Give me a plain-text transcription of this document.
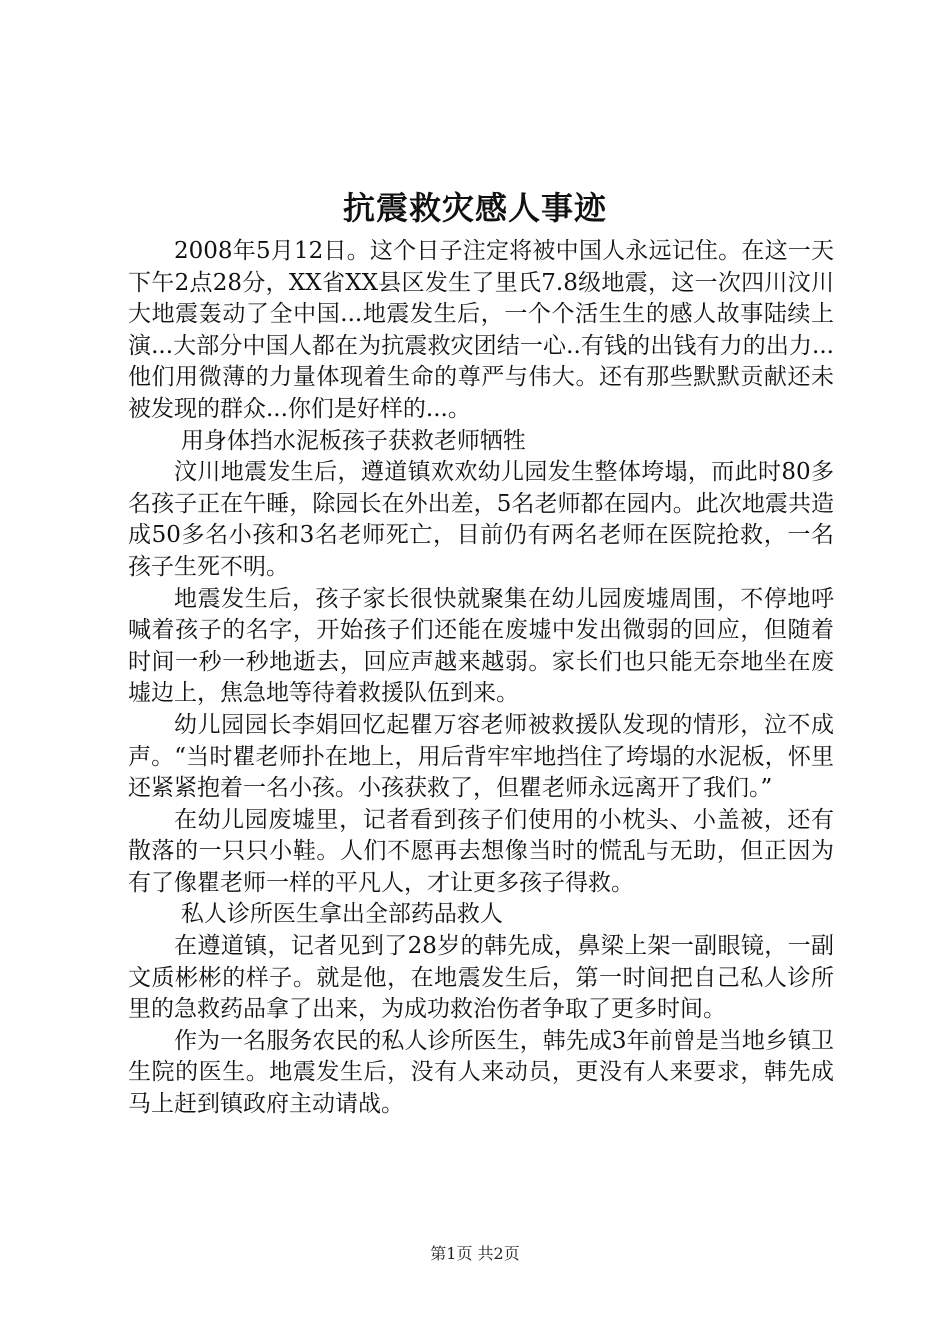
抗震救灾感人事迹

2008年5月12日。这个日子注定将被中国人永远记住。在这一天下午2点28分，XX省XX县区发生了里氏7.8级地震，这一次四川汶川大地震轰动了全中国...地震发生后，一个个活生生的感人故事陆续上演...大部分中国人都在为抗震救灾团结一心..有钱的出钱有力的出力...他们用微薄的力量体现着生命的尊严与伟大。还有那些默默贡献还未被发现的群众...你们是好样的...。

用身体挡水泥板孩子获救老师牺牲

汶川地震发生后，遵道镇欢欢幼儿园发生整体垮塌，而此时80多名孩子正在午睡，除园长在外出差，5名老师都在园内。此次地震共造成50多名小孩和3名老师死亡，目前仍有两名老师在医院抢救，一名孩子生死不明。

地震发生后，孩子家长很快就聚集在幼儿园废墟周围，不停地呼喊着孩子的名字，开始孩子们还能在废墟中发出微弱的回应，但随着时间一秒一秒地逝去，回应声越来越弱。家长们也只能无奈地坐在废墟边上，焦急地等待着救援队伍到来。

幼儿园园长李娟回忆起瞿万容老师被救援队发现的情形，泣不成声。“当时瞿老师扑在地上，用后背牢牢地挡住了垮塌的水泥板，怀里还紧紧抱着一名小孩。小孩获救了，但瞿老师永远离开了我们。”

在幼儿园废墟里，记者看到孩子们使用的小枕头、小盖被，还有散落的一只只小鞋。人们不愿再去想像当时的慌乱与无助，但正因为有了像瞿老师一样的平凡人，才让更多孩子得救。

私人诊所医生拿出全部药品救人

在遵道镇，记者见到了28岁的韩先成，鼻梁上架一副眼镜，一副文质彬彬的样子。就是他，在地震发生后，第一时间把自己私人诊所里的急救药品拿了出来，为成功救治伤者争取了更多时间。

作为一名服务农民的私人诊所医生，韩先成3年前曾是当地乡镇卫生院的医生。地震发生后，没有人来动员，更没有人来要求，韩先成马上赶到镇政府主动请战。

第1页 共2页
